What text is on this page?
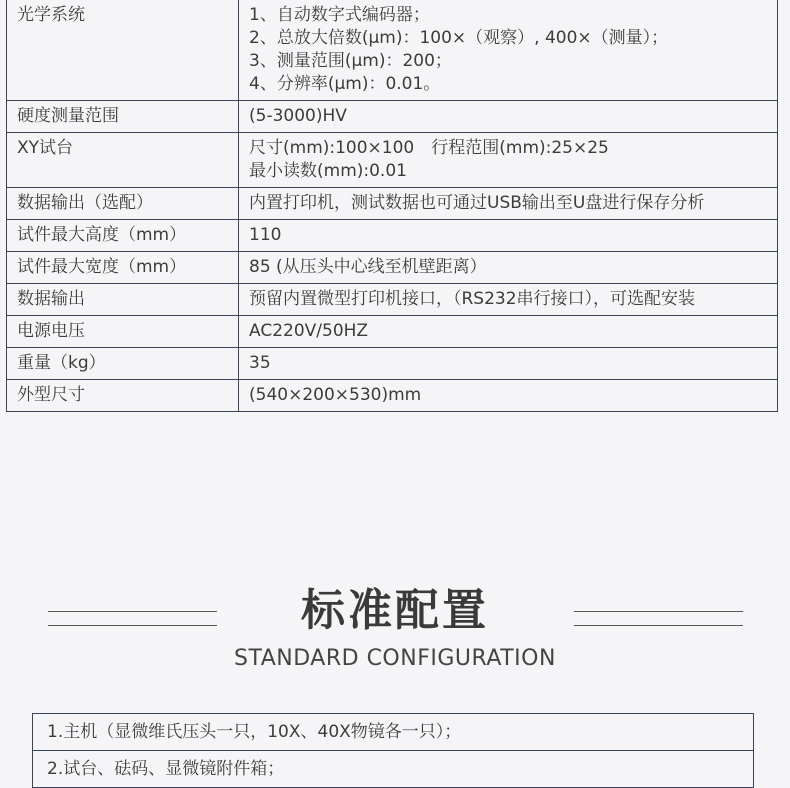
光学系统	1、自动数字式编码器；
2、总放大倍数(μm)：100×（观察）, 400×（测量）；
3、测量范围(μm)：200；
4、分辨率(μm)：0.01。

硬度测量范围	(5-3000)HV

XY试台	尺寸(mm):100×100　行程范围(mm):25×25
最小读数(mm):0.01

数据输出（选配）	内置打印机，测试数据也可通过USB输出至U盘进行保存分析

试件最大高度（mm）	110

试件最大宽度（mm）	85 (从压头中心线至机壁距离）

数据输出	预留内置微型打印机接口，（RS232串行接口），可选配安装

电源电压	AC220V/50HZ

重量（kg）	35

外型尺寸	(540×200×530)mm
标准配置
STANDARD CONFIGURATION
1.主机（显微维氏压头一只，10X、40X物镜各一只）；
2.试台、砝码、显微镜附件箱；
